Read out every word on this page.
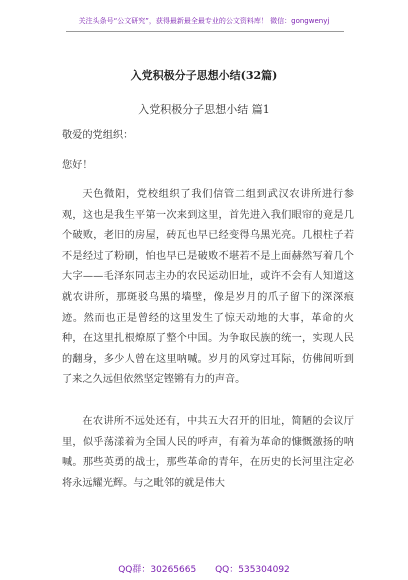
关注头条号“公文研究”，获得最新最全最专业的公文资料库！ 微信：gongwenyj
入党积极分子思想小结(32篇)
入党积极分子思想小结 篇1
敬爱的党组织：
您好！
天色微阳，党校组织了我们信管二组到武汉农讲所进行参观，这也是我生平第一次来到这里，首先进入我们眼帘的竟是几个破败，老旧的房屋，砖瓦也早已经变得乌黑光亮。几根柱子若不是经过了粉刷，怕也早已是破败不堪若不是上面赫然写着几个大字——毛泽东同志主办的农民运动旧址，或许不会有人知道这就农讲所，那斑驳乌黑的墙壁，像是岁月的爪子留下的深深痕迹。然而也正是曾经的这里发生了惊天动地的大事，革命的火种，在这里扎根燎原了整个中国。为争取民族的统一，实现人民的翻身，多少人曾在这里呐喊。岁月的风穿过耳际，仿佛间听到了来之久远但依然坚定铿锵有力的声音。
在农讲所不远处还有，中共五大召开的旧址，简陋的会议厅里，似乎荡漾着为全国人民的呼声，有着为革命的慷慨激扬的呐喊。那些英勇的战士，那些革命的青年，在历史的长河里注定必将永远耀光辉。与之毗邻的就是伟大
QQ群：30265665 QQ：535304092
